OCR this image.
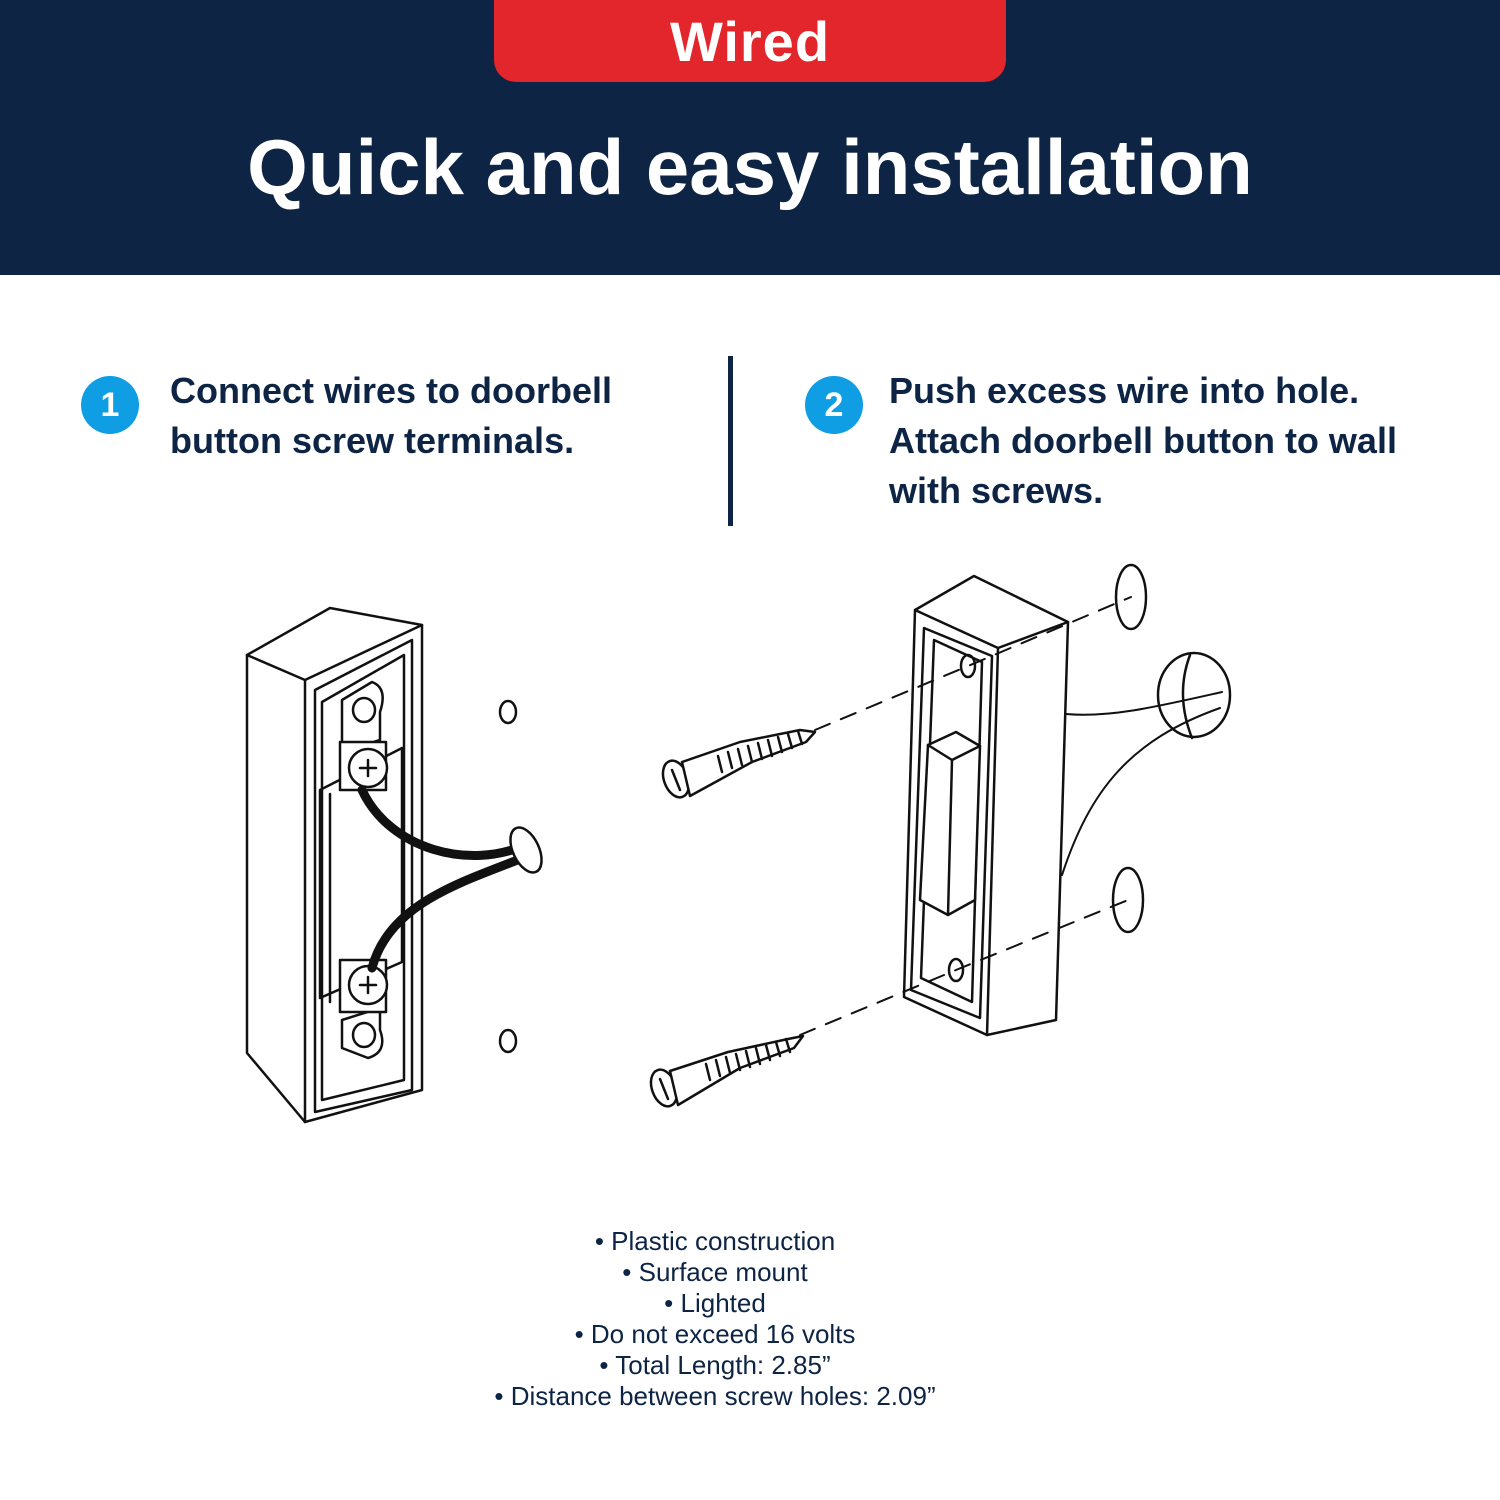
Wired
Quick and easy installation
1	Connect wires to doorbell button screw terminals.
2	Push excess wire into hole. Attach doorbell button to wall with screws.
• Plastic construction
• Surface mount
• Lighted
• Do not exceed 16 volts
• Total Length: 2.85”
• Distance between screw holes: 2.09”
